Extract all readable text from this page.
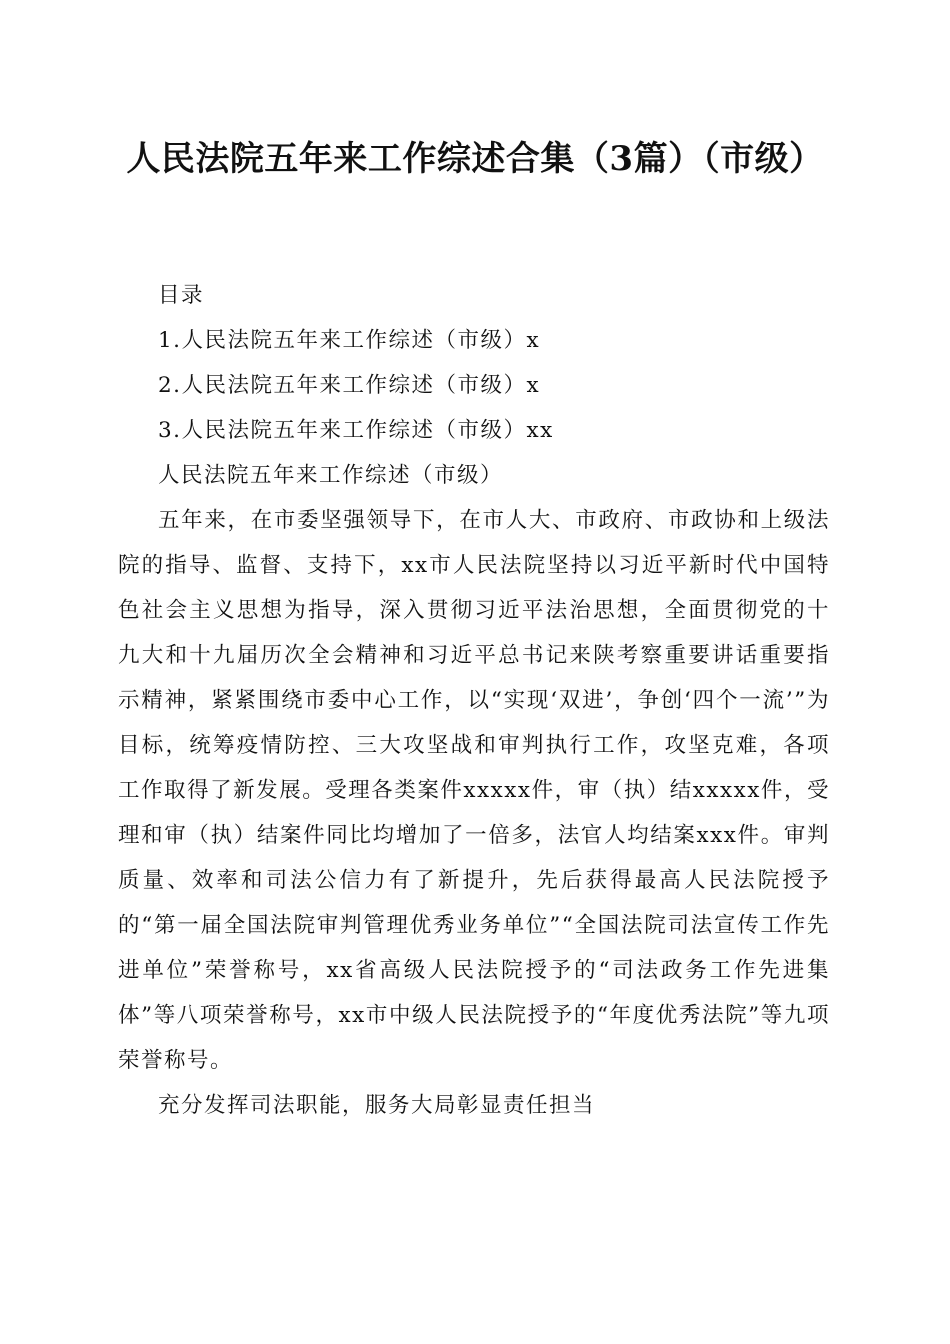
人民法院五年来工作综述合集（3篇）（市级）

目录

1.人民法院五年来工作综述（市级）x

2.人民法院五年来工作综述（市级）x

3.人民法院五年来工作综述（市级）xx

人民法院五年来工作综述（市级）

五年来，在市委坚强领导下，在市人大、市政府、市政协和上级法院的指导、监督、支持下，xx市人民法院坚持以习近平新时代中国特色社会主义思想为指导，深入贯彻习近平法治思想，全面贯彻党的十九大和十九届历次全会精神和习近平总书记来陕考察重要讲话重要指示精神，紧紧围绕市委中心工作，以“实现‘双进’，争创‘四个一流’”为目标，统筹疫情防控、三大攻坚战和审判执行工作，攻坚克难，各项工作取得了新发展。受理各类案件xxxxx件，审（执）结xxxxx件，受理和审（执）结案件同比均增加了一倍多，法官人均结案xxx件。审判质量、效率和司法公信力有了新提升，先后获得最高人民法院授予的“第一届全国法院审判管理优秀业务单位”“全国法院司法宣传工作先进单位”荣誉称号，xx省高级人民法院授予的“司法政务工作先进集体”等八项荣誉称号，xx市中级人民法院授予的“年度优秀法院”等九项荣誉称号。

充分发挥司法职能，服务大局彰显责任担当
